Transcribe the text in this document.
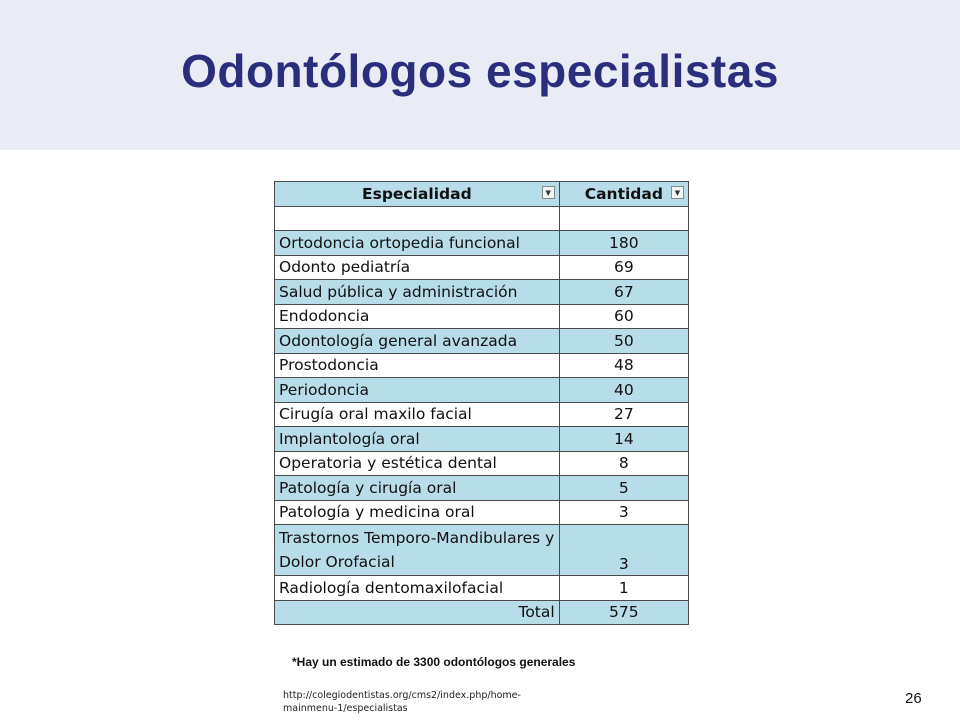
Odontólogos especialistas
Especialidad ▼	Cantidad ▼

Ortodoncia ortopedia funcional	180
Odonto pediatría	69
Salud pública y administración	67
Endodoncia	60
Odontología general avanzada	50
Prostodoncia	48
Periodoncia	40
Cirugía oral maxilo facial	27
Implantología oral	14
Operatoria y estética dental	8
Patología y cirugía oral	5
Patología y medicina oral	3
Trastornos Temporo-Mandibulares y Dolor Orofacial	3
Radiología dentomaxilofacial	1
Total	575
*Hay un estimado de 3300 odontólogos generales
http://colegiodentistas.org/cms2/index.php/home-mainmenu-1/especialistas
26
